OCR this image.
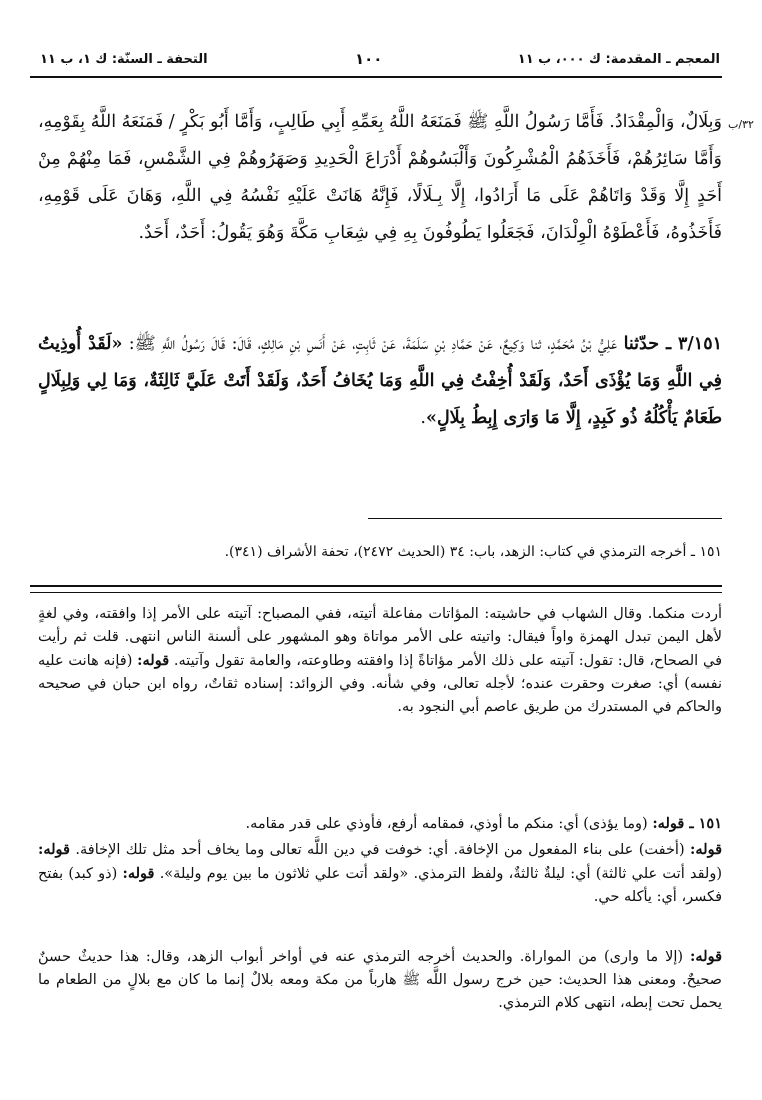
المعجم ـ المقدمة: ك ٠٠٠، ب ١١
١٠٠
التحفة ـ السنّة: ك ١، ب ١١
٣٢/ب

وَبِلَالٌ، وَالْمِقْدَادُ. فَأَمَّا رَسُولُ اللَّهِ ﷺ فَمَنَعَهُ اللَّهُ بِعَمِّهِ أَبِي طَالِبٍ، وَأَمَّا أَبُو بَكْرٍ / فَمَنَعَهُ اللَّهُ بِقَوْمِهِ، وَأَمَّا سَائِرُهُمْ، فَأَخَذَهُمُ الْمُشْرِكُونَ وَأَلْبَسُوهُمْ أَدْرَاعَ الْحَدِيدِ وَصَهَرُوهُمْ فِي الشَّمْسِ، فَمَا مِنْهُمْ مِنْ أَحَدٍ إِلَّا وَقَدْ وَاتَاهُمْ عَلَى مَا أَرَادُوا، إِلَّا بِـلَالًا، فَإِنَّهُ هَانَتْ عَلَيْهِ نَفْسُهُ فِي اللَّهِ، وَهَانَ عَلَى قَوْمِهِ، فَأَخَذُوهُ، فَأَعْطَوْهُ الْوِلْدَانَ، فَجَعَلُوا يَطُوفُونَ بِهِ فِي شِعَابِ مَكَّةَ وَهُوَ يَقُولُ: أَحَدٌ، أَحَدٌ.

٣/١٥١ ـ حدّثنا عَلِيُّ بْنُ مُحَمَّدٍ، ثنا وَكِيعٌ، عَنْ حَمَّادِ بْنِ سَلَمَةَ، عَنْ ثَابِتٍ، عَنْ أَنَسِ بْنِ مَالِكٍ، قَالَ: قَالَ رَسُولُ اللَّهِ ﷺ: «لَقَدْ أُوذِيتُ فِي اللَّهِ وَمَا يُؤْذَى أَحَدٌ، وَلَقَدْ أُخِفْتُ فِي اللَّهِ وَمَا يُخَافُ أَحَدٌ، وَلَقَدْ أَتَتْ عَلَيَّ ثَالِثَةٌ، وَمَا لِي وَلِبِلَالٍ طَعَامٌ يَأْكُلُهُ ذُو كَبِدٍ، إِلَّا مَا وَارَى إِبِطُ بِلَالٍ».

١٥١ ـ أخرجه الترمذي في كتاب: الزهد، باب: ٣٤ (الحديث ٢٤٧٢)، تحفة الأشراف (٣٤١).

أردت منكما. وقال الشهاب في حاشيته: المؤاتات مفاعلة أتيته، ففي المصباح: آتيته على الأمر إذا وافقته، وفي لغةٍ لأهل اليمن تبدل الهمزة واواً فيقال: واتيته على الأمر مواتاة وهو المشهور على ألسنة الناس انتهى. قلت ثم رأيت في الصحاح، قال: تقول: آتيته على ذلك الأمر مؤاتاةً إذا وافقته وطاوعته، والعامة تقول وآتيته. قوله: (فإنه هانت عليه نفسه) أي: صغرت وحقرت عنده؛ لأجله تعالى، وفي شأنه. وفي الزوائد: إسناده ثقاتٌ، رواه ابن حبان في صحيحه والحاكم في المستدرك من طريق عاصم أبي النجود به.

١٥١ ـ قوله: (وما يؤذى) أي: منكم ما أوذي، فمقامه أرفع، فأوذي على قدر مقامه.

قوله: (أخفت) على بناء المفعول من الإخافة. أي: خوفت في دين اللَّه تعالى وما يخاف أحد مثل تلك الإخافة. قوله: (ولقد أتت علي ثالثة) أي: ليلةٌ ثالثةٌ، ولفظ الترمذي. «ولقد أتت علي ثلاثون ما بين يوم وليلة». قوله: (ذو كبد) بفتح فكسر، أي: يأكله حي.

قوله: (إلا ما وارى) من المواراة. والحديث أخرجه الترمذي عنه في أواخر أبواب الزهد، وقال: هذا حديثٌ حسنٌ صحيحٌ. ومعنى هذا الحديث: حين خرج رسول اللَّه ﷺ هارباً من مكة ومعه بلالٌ إنما ما كان مع بلالٍ من الطعام ما يحمل تحت إبطه، انتهى كلام الترمذي.
